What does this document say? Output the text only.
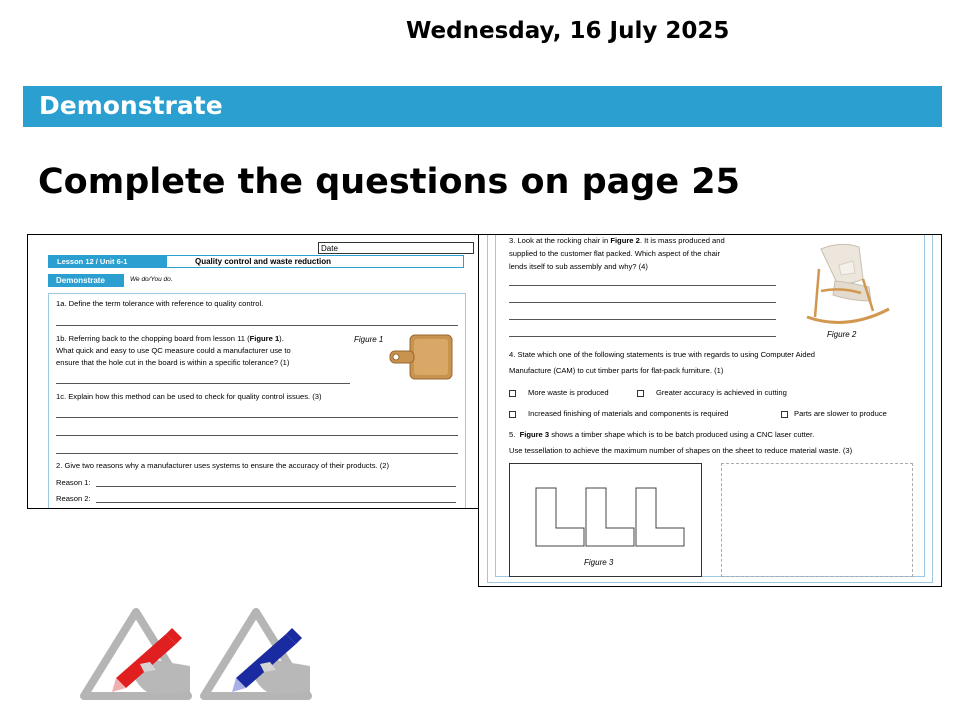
Wednesday, 16 July 2025
Demonstrate
Complete the questions on page 25
Date
Lesson 12 / Unit 6-1	Quality control and waste reduction
Demonstrate	We do/You do.
1a. Define the term tolerance with reference to quality control.
1b. Referring back to the chopping board from lesson 11 (Figure 1).
What quick and easy to use QC measure could a manufacturer use to
ensure that the hole cut in the board is within a specific tolerance? (1)
Figure 1
1c. Explain how this method can be used to check for quality control issues. (3)
2. Give two reasons why a manufacturer uses systems to ensure the accuracy of their products. (2)
Reason 1:
Reason 2:
3. Look at the rocking chair in Figure 2. It is mass produced and
supplied to the customer flat packed. Which aspect of the chair
lends itself to sub assembly and why? (4)
Figure 2
4. State which one of the following statements is true with regards to using Computer Aided
Manufacture (CAM) to cut timber parts for flat-pack furniture. (1)
More waste is produced	Greater accuracy is achieved in cutting
Increased finishing of materials and components is required	Parts are slower to produce
5. Figure 3 shows a timber shape which is to be batch produced using a CNC laser cutter.
Use tessellation to achieve the maximum number of shapes on the sheet to reduce material waste. (3)
Figure 3
